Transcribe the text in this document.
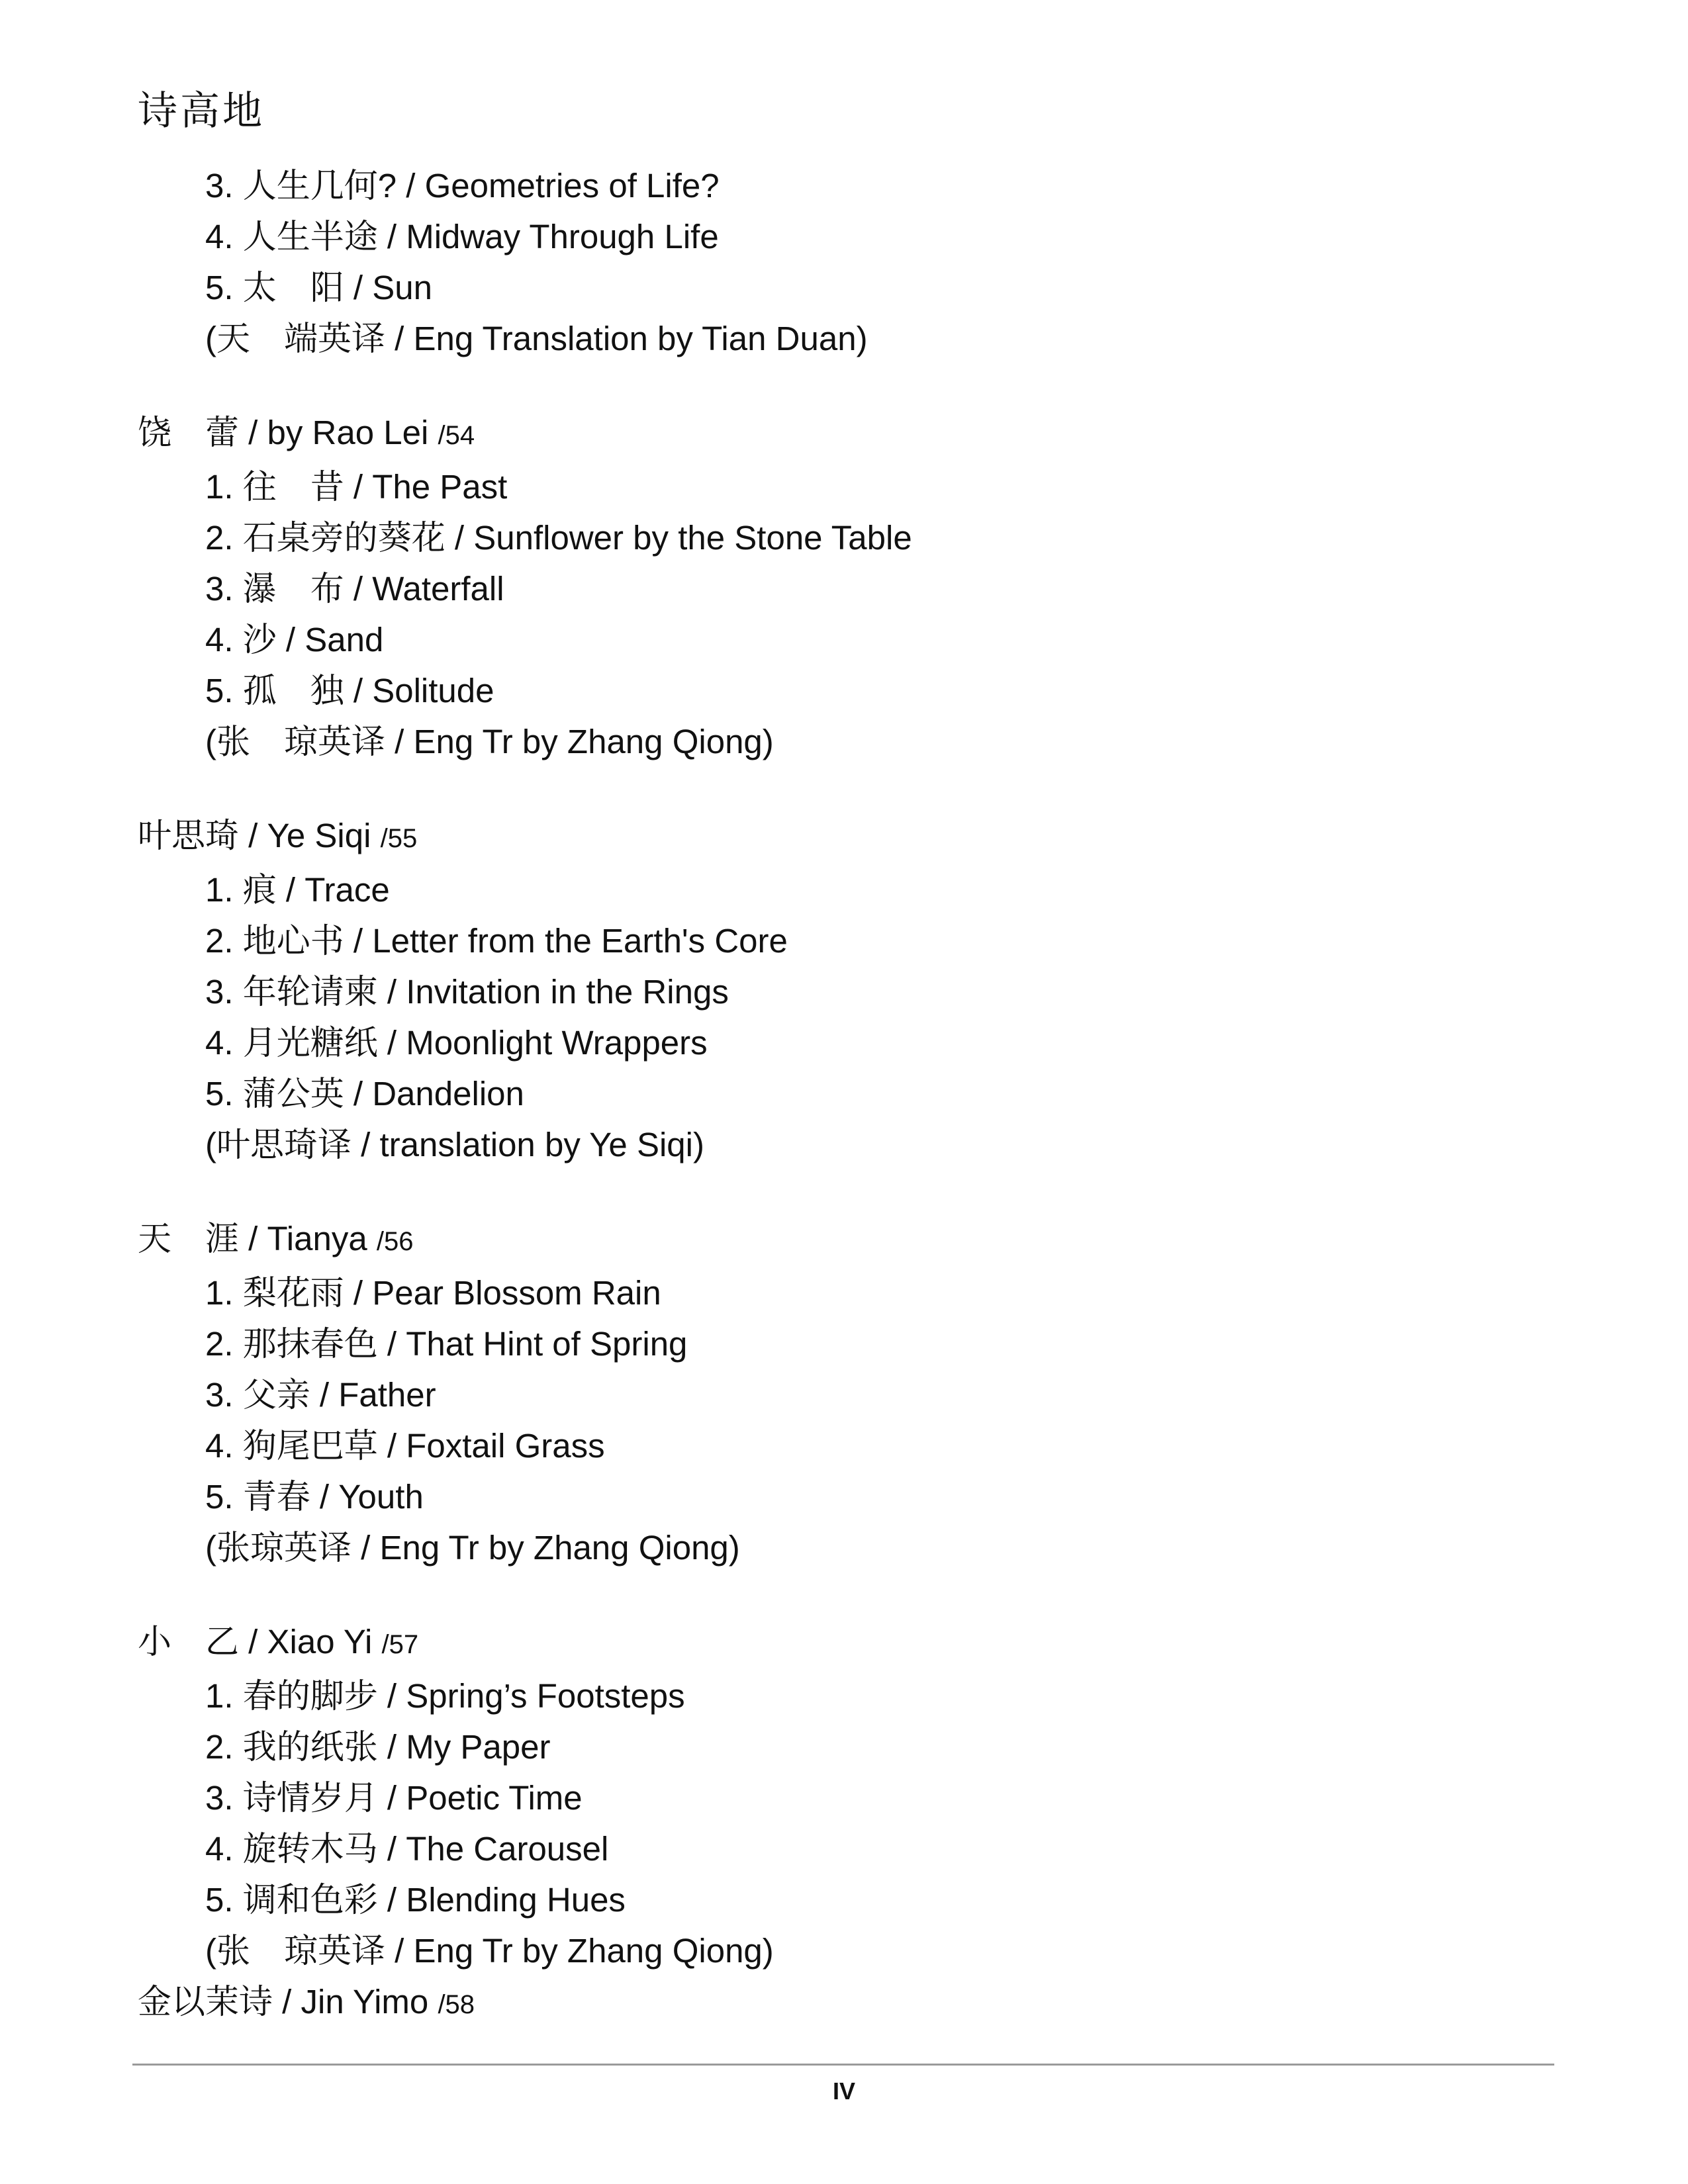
诗高地
3. 人生几何? / Geometries of Life?
4. 人生半途 / Midway Through Life
5. 太　阳 / Sun
(天　端英译 / Eng Translation by Tian Duan)
饶　蕾 / by Rao Lei /54
1. 往　昔 / The Past
2. 石桌旁的葵花 / Sunflower by the Stone Table
3. 瀑　布 / Waterfall
4. 沙 / Sand
5. 孤　独 / Solitude
(张　琼英译 / Eng Tr by Zhang Qiong)
叶思琦 / Ye Siqi /55
1. 痕 / Trace
2. 地心书 / Letter from the Earth's Core
3. 年轮请柬 / Invitation in the Rings
4. 月光糖纸 / Moonlight Wrappers
5. 蒲公英 / Dandelion
(叶思琦译 / translation by Ye Siqi)
天　涯 / Tianya /56
1. 梨花雨 / Pear Blossom Rain
2. 那抹春色 / That Hint of Spring
3. 父亲 / Father
4. 狗尾巴草 / Foxtail Grass
5. 青春 / Youth
(张琼英译 / Eng Tr by Zhang Qiong)
小　乙 / Xiao Yi /57
1. 春的脚步 / Spring’s Footsteps
2. 我的纸张 / My Paper
3. 诗情岁月 / Poetic Time
4. 旋转木马 / The Carousel
5. 调和色彩 / Blending Hues
(张　琼英译 / Eng Tr by Zhang Qiong)
金以茉诗 / Jin Yimo /58
IV
